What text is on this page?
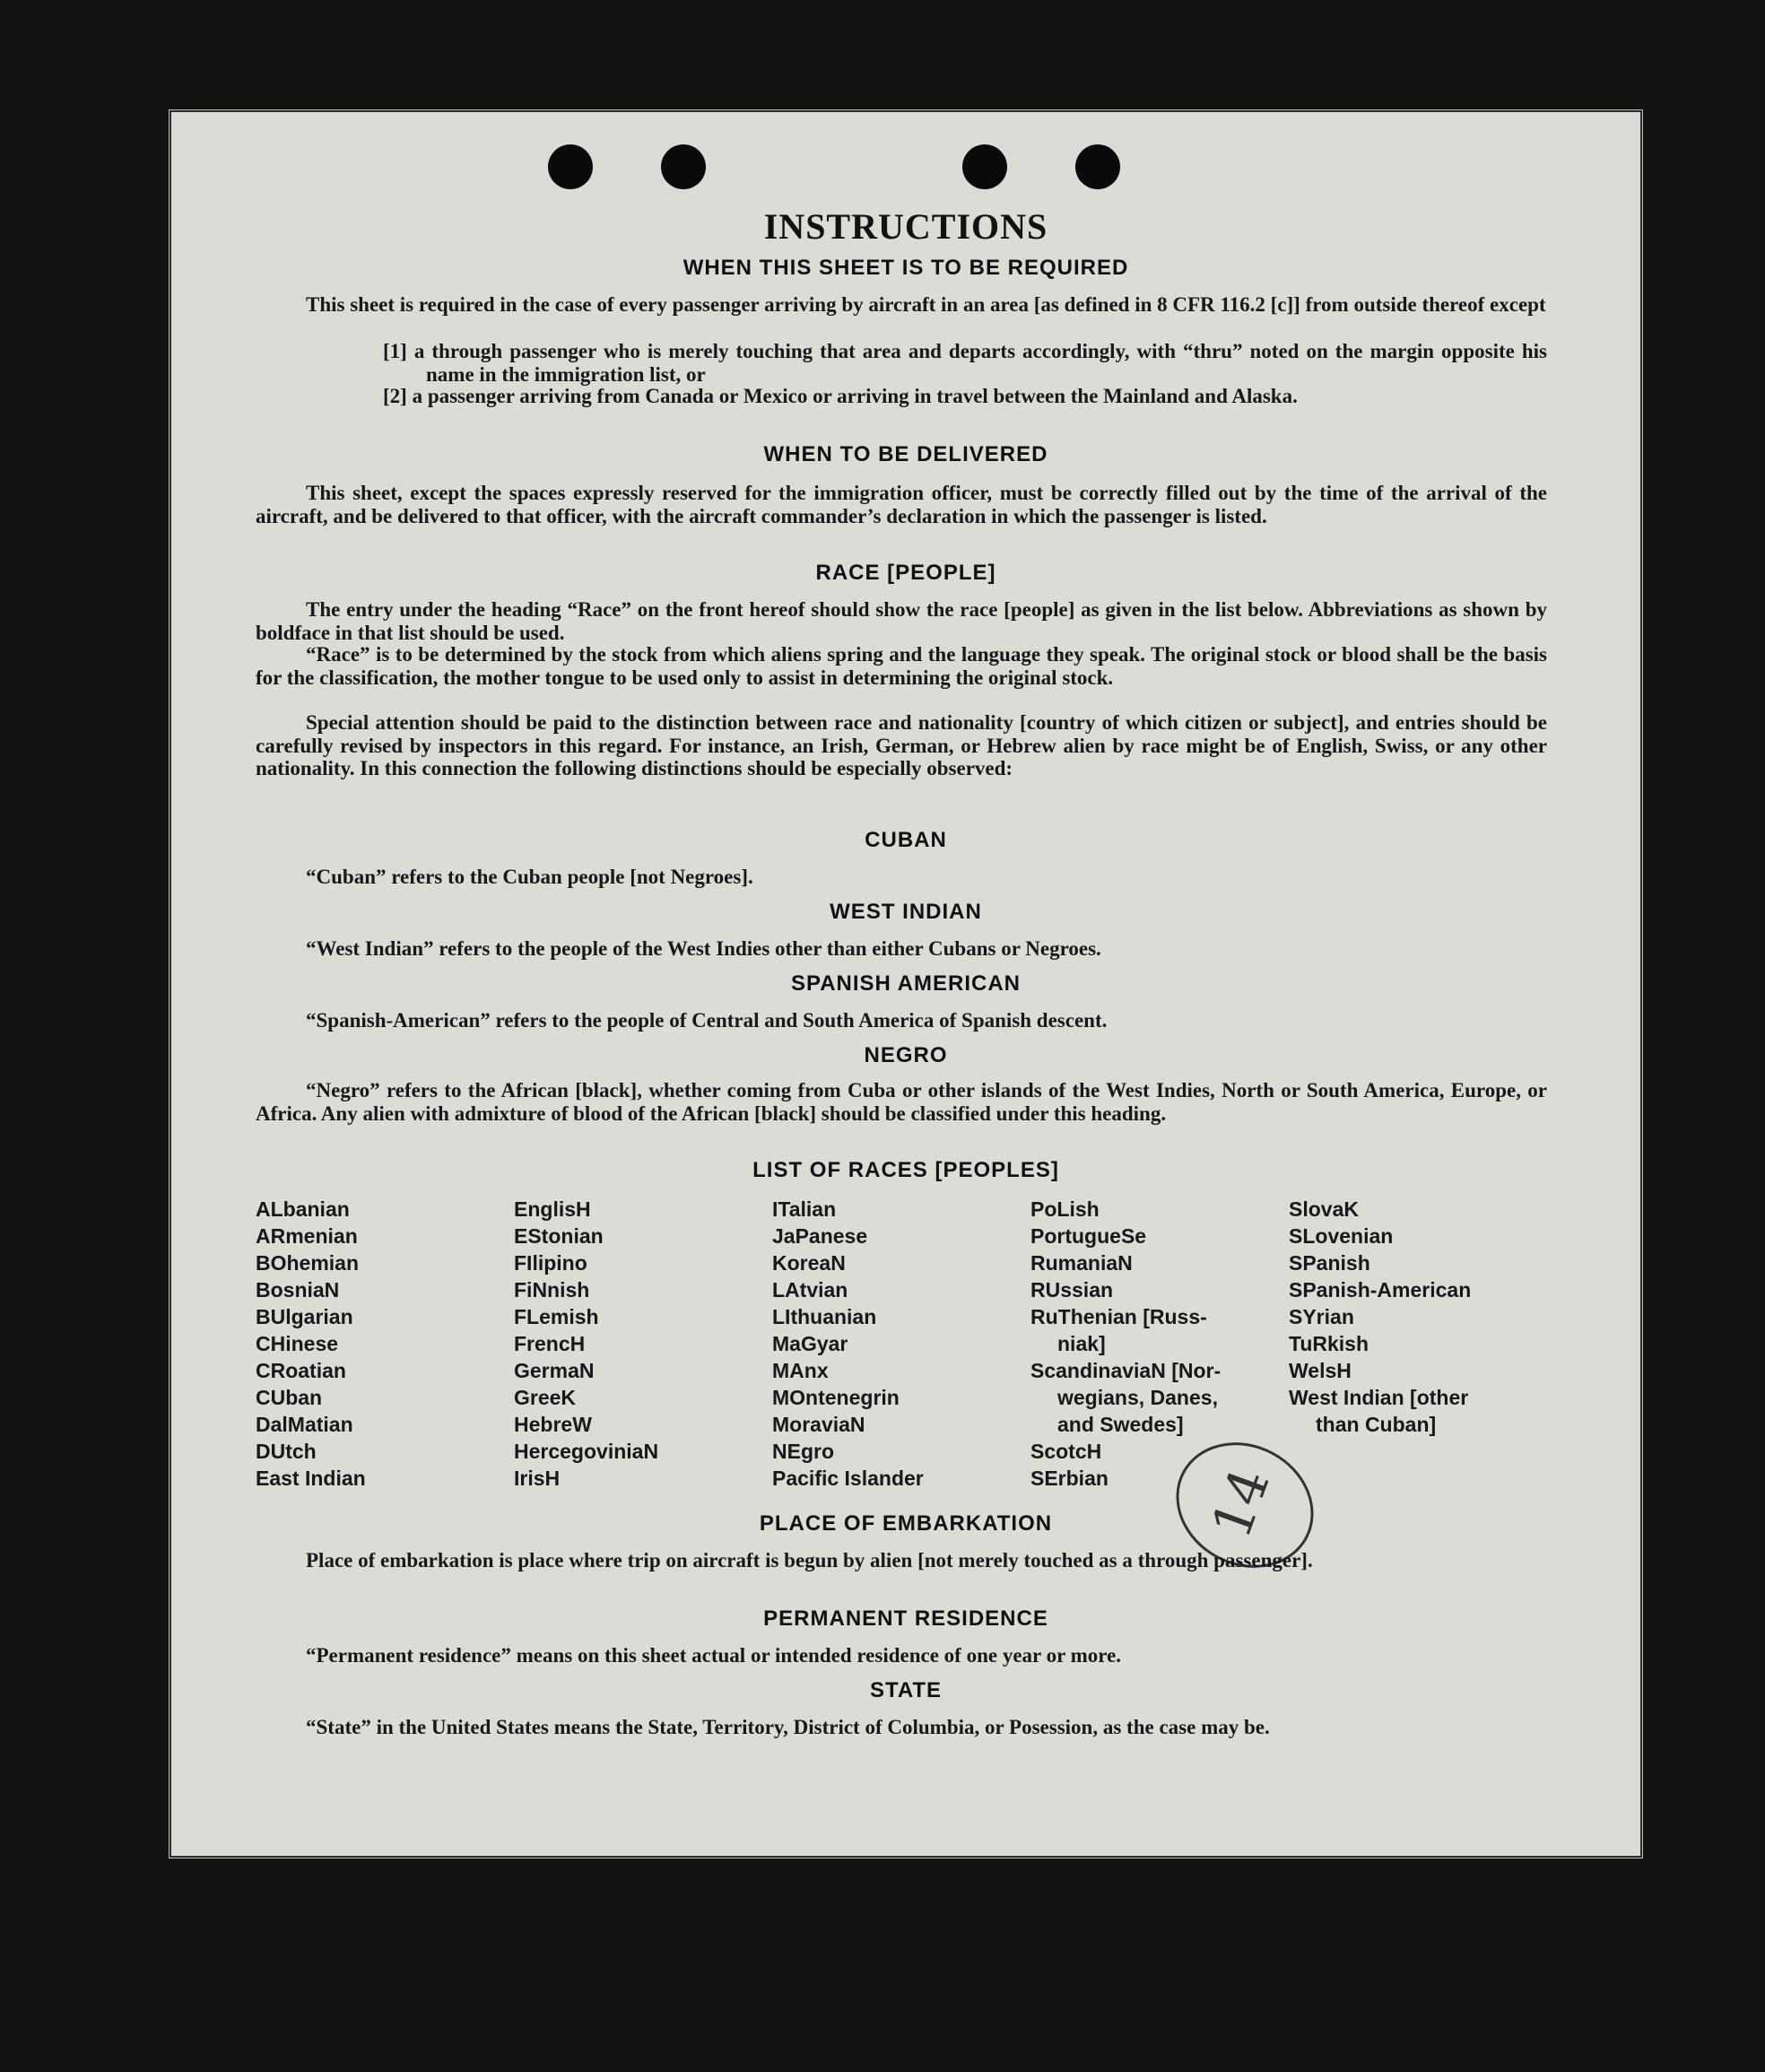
INSTRUCTIONS
WHEN THIS SHEET IS TO BE REQUIRED
This sheet is required in the case of every passenger arriving by aircraft in an area [as defined in 8 CFR 116.2 [c]] from outside thereof except
[1] a through passenger who is merely touching that area and departs accordingly, with “thru” noted on the margin opposite his name in the immigration list, or
[2] a passenger arriving from Canada or Mexico or arriving in travel between the Mainland and Alaska.
WHEN TO BE DELIVERED
This sheet, except the spaces expressly reserved for the immigration officer, must be correctly filled out by the time of the arrival of the aircraft, and be delivered to that officer, with the aircraft commander’s declaration in which the passenger is listed.
RACE [PEOPLE]
The entry under the heading “Race” on the front hereof should show the race [people] as given in the list below. Abbreviations as shown by boldface in that list should be used.
“Race” is to be determined by the stock from which aliens spring and the language they speak. The original stock or blood shall be the basis for the classification, the mother tongue to be used only to assist in determining the original stock.
Special attention should be paid to the distinction between race and nationality [country of which citizen or subject], and entries should be carefully revised by inspectors in this regard. For instance, an Irish, German, or Hebrew alien by race might be of English, Swiss, or any other nationality. In this connection the following distinctions should be especially observed:
CUBAN
“Cuban” refers to the Cuban people [not Negroes].
WEST INDIAN
“West Indian” refers to the people of the West Indies other than either Cubans or Negroes.
SPANISH AMERICAN
“Spanish-American” refers to the people of Central and South America of Spanish descent.
NEGRO
“Negro” refers to the African [black], whether coming from Cuba or other islands of the West Indies, North or South America, Europe, or Africa. Any alien with admixture of blood of the African [black] should be classified under this heading.
LIST OF RACES [PEOPLES]
ALbanian
ARmenian
BOhemian
BosniaN
BUlgarian
CHinese
CRoatian
CUban
DalMatian
DUtch
East Indian
EnglisH
EStonian
FIlipino
FiNnish
FLemish
FrencH
GermaN
GreeK
HebreW
HercegoviniaN
IrisH
ITalian
JaPanese
KoreaN
LAtvian
LIthuanian
MaGyar
MAnx
MOntenegrin
MoraviaN
NEgro
Pacific Islander
PoLish
PortugueSe
RumaniaN
RUssian
RuThenian [Russ-
niak]
ScandinaviaN [Nor-
wegians, Danes,
and Swedes]
ScotcH
SErbian
SlovaK
SLovenian
SPanish
SPanish-American
SYrian
TuRkish
WelsH
West Indian [other
than Cuban]
14
PLACE OF EMBARKATION
Place of embarkation is place where trip on aircraft is begun by alien [not merely touched as a through passenger].
PERMANENT RESIDENCE
“Permanent residence” means on this sheet actual or intended residence of one year or more.
STATE
“State” in the United States means the State, Territory, District of Columbia, or Posession, as the case may be.
